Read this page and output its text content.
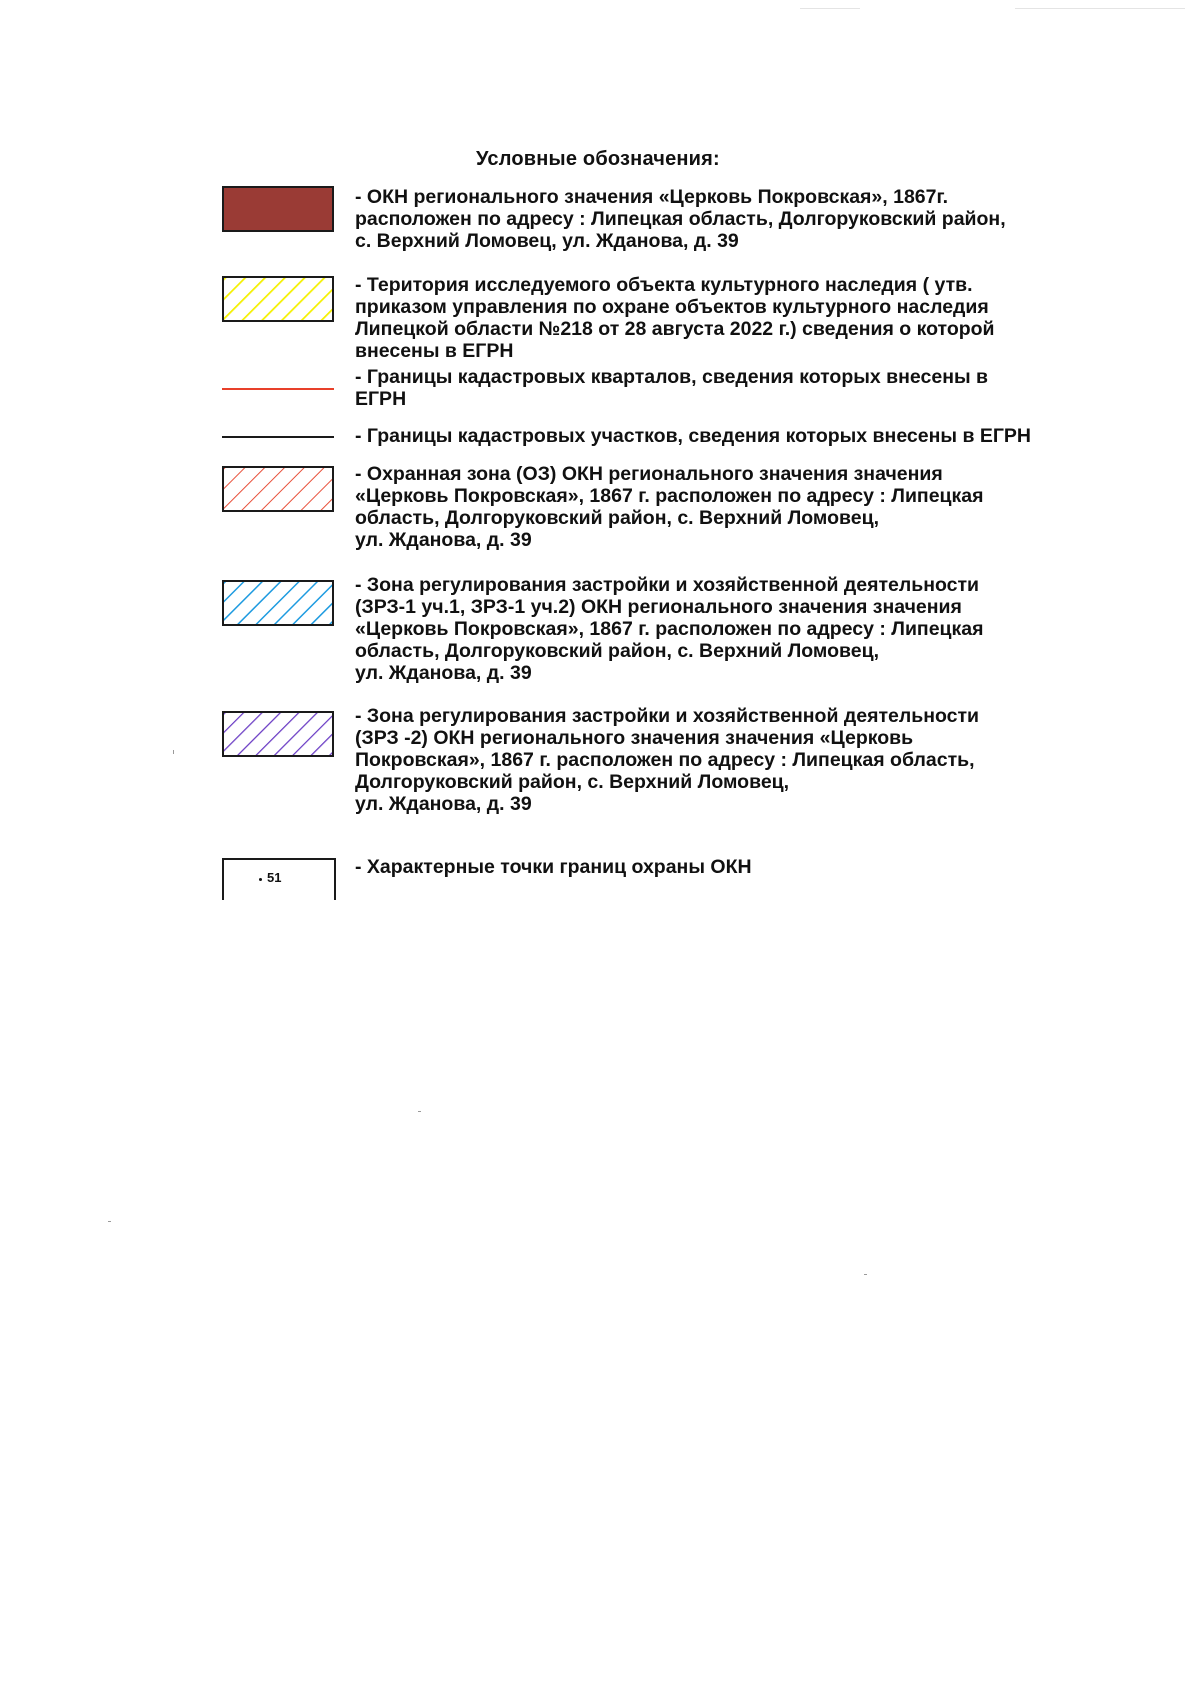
Условные обозначения:
- ОКН регионального значения «Церковь Покровская», 1867г.
расположен по адресу : Липецкая область, Долгоруковский район,
с. Верхний Ломовец, ул. Жданова, д. 39
- Територия исследуемого объекта культурного наследия ( утв.
приказом управления по охране объектов культурного наследия
Липецкой области №218 от 28 августа 2022 г.) сведения о которой
внесены в ЕГРН
- Границы кадастровых кварталов, сведения которых внесены в
ЕГРН
- Границы кадастровых участков, сведения которых внесены в ЕГРН
- Охранная зона (ОЗ) ОКН регионального значения значения
«Церковь Покровская», 1867 г. расположен по адресу : Липецкая
область, Долгоруковский район, с. Верхний Ломовец,
ул. Жданова, д. 39
- Зона регулирования застройки и хозяйственной деятельности
(ЗРЗ-1 уч.1, ЗРЗ-1 уч.2) ОКН регионального значения значения
«Церковь Покровская», 1867 г. расположен по адресу : Липецкая
область, Долгоруковский район, с. Верхний Ломовец,
ул. Жданова, д. 39
- Зона регулирования застройки и хозяйственной деятельности
(ЗРЗ -2) ОКН регионального значения значения «Церковь
Покровская», 1867 г. расположен по адресу : Липецкая область,
Долгоруковский район, с. Верхний Ломовец,
ул. Жданова, д. 39
51	- Характерные точки границ охраны ОКН
